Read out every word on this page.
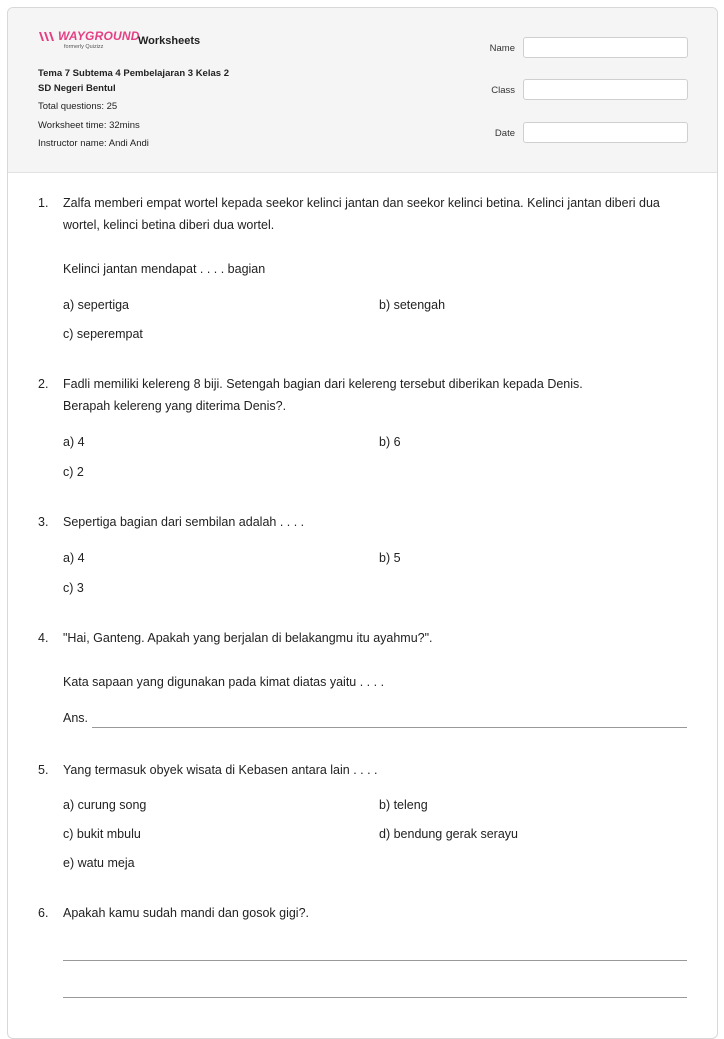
WAYGROUND
formerly Quizizz	Worksheets
Tema 7 Subtema 4 Pembelajaran 3 Kelas 2
SD Negeri Bentul
Total questions: 25
Worksheet time: 32mins
Instructor name: Andi Andi
Name
Class
Date
1. Zalfa memberi empat wortel kepada seekor kelinci jantan dan seekor kelinci betina. Kelinci jantan diberi dua
wortel, kelinci betina diberi dua wortel.
Kelinci jantan mendapat . . . . bagian
a) sepertiga	b) setengah
c) seperempat
2. Fadli memiliki kelereng 8 biji. Setengah bagian dari kelereng tersebut diberikan kepada Denis.
Berapah kelereng yang diterima Denis?.
a) 4	b) 6
c) 2
3. Sepertiga bagian dari sembilan adalah . . . .
a) 4	b) 5
c) 3
4. "Hai, Ganteng. Apakah yang berjalan di belakangmu itu ayahmu?".
Kata sapaan yang digunakan pada kimat diatas yaitu . . . .
Ans.
5. Yang termasuk obyek wisata di Kebasen antara lain . . . .
a) curung song	b) teleng
c) bukit mbulu	d) bendung gerak serayu
e) watu meja
6. Apakah kamu sudah mandi dan gosok gigi?.
